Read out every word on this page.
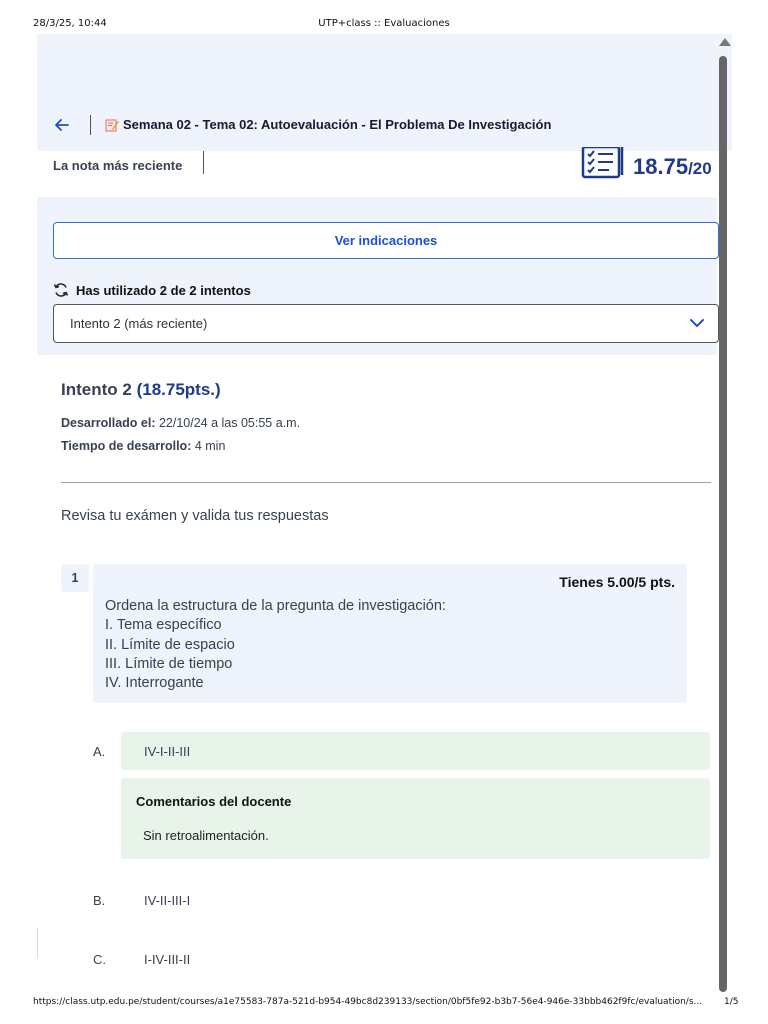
28/3/25, 10:44	UTP+class :: Evaluaciones
Semana 02 - Tema 02: Autoevaluación - El Problema De Investigación
La nota más reciente	18.75/20
Ver indicaciones
Has utilizado 2 de 2 intentos
Intento 2 (más reciente)
Intento 2 (18.75pts.)
Desarrollado el: 22/10/24 a las 05:55 a.m.
Tiempo de desarrollo: 4 min
Revisa tu exámen y valida tus respuestas
1	Tienes 5.00/5 pts.
Ordena la estructura de la pregunta de investigación:
I. Tema específico
II. Límite de espacio
III. Límite de tiempo
IV. Interrogante
A.	IV-I-II-III
Comentarios del docente
Sin retroalimentación.
B.	IV-II-III-I
C.	I-IV-III-II
https://class.utp.edu.pe/student/courses/a1e75583-787a-521d-b954-49bc8d239133/section/0bf5fe92-b3b7-56e4-946e-33bbb462f9fc/evaluation/s...	1/5
